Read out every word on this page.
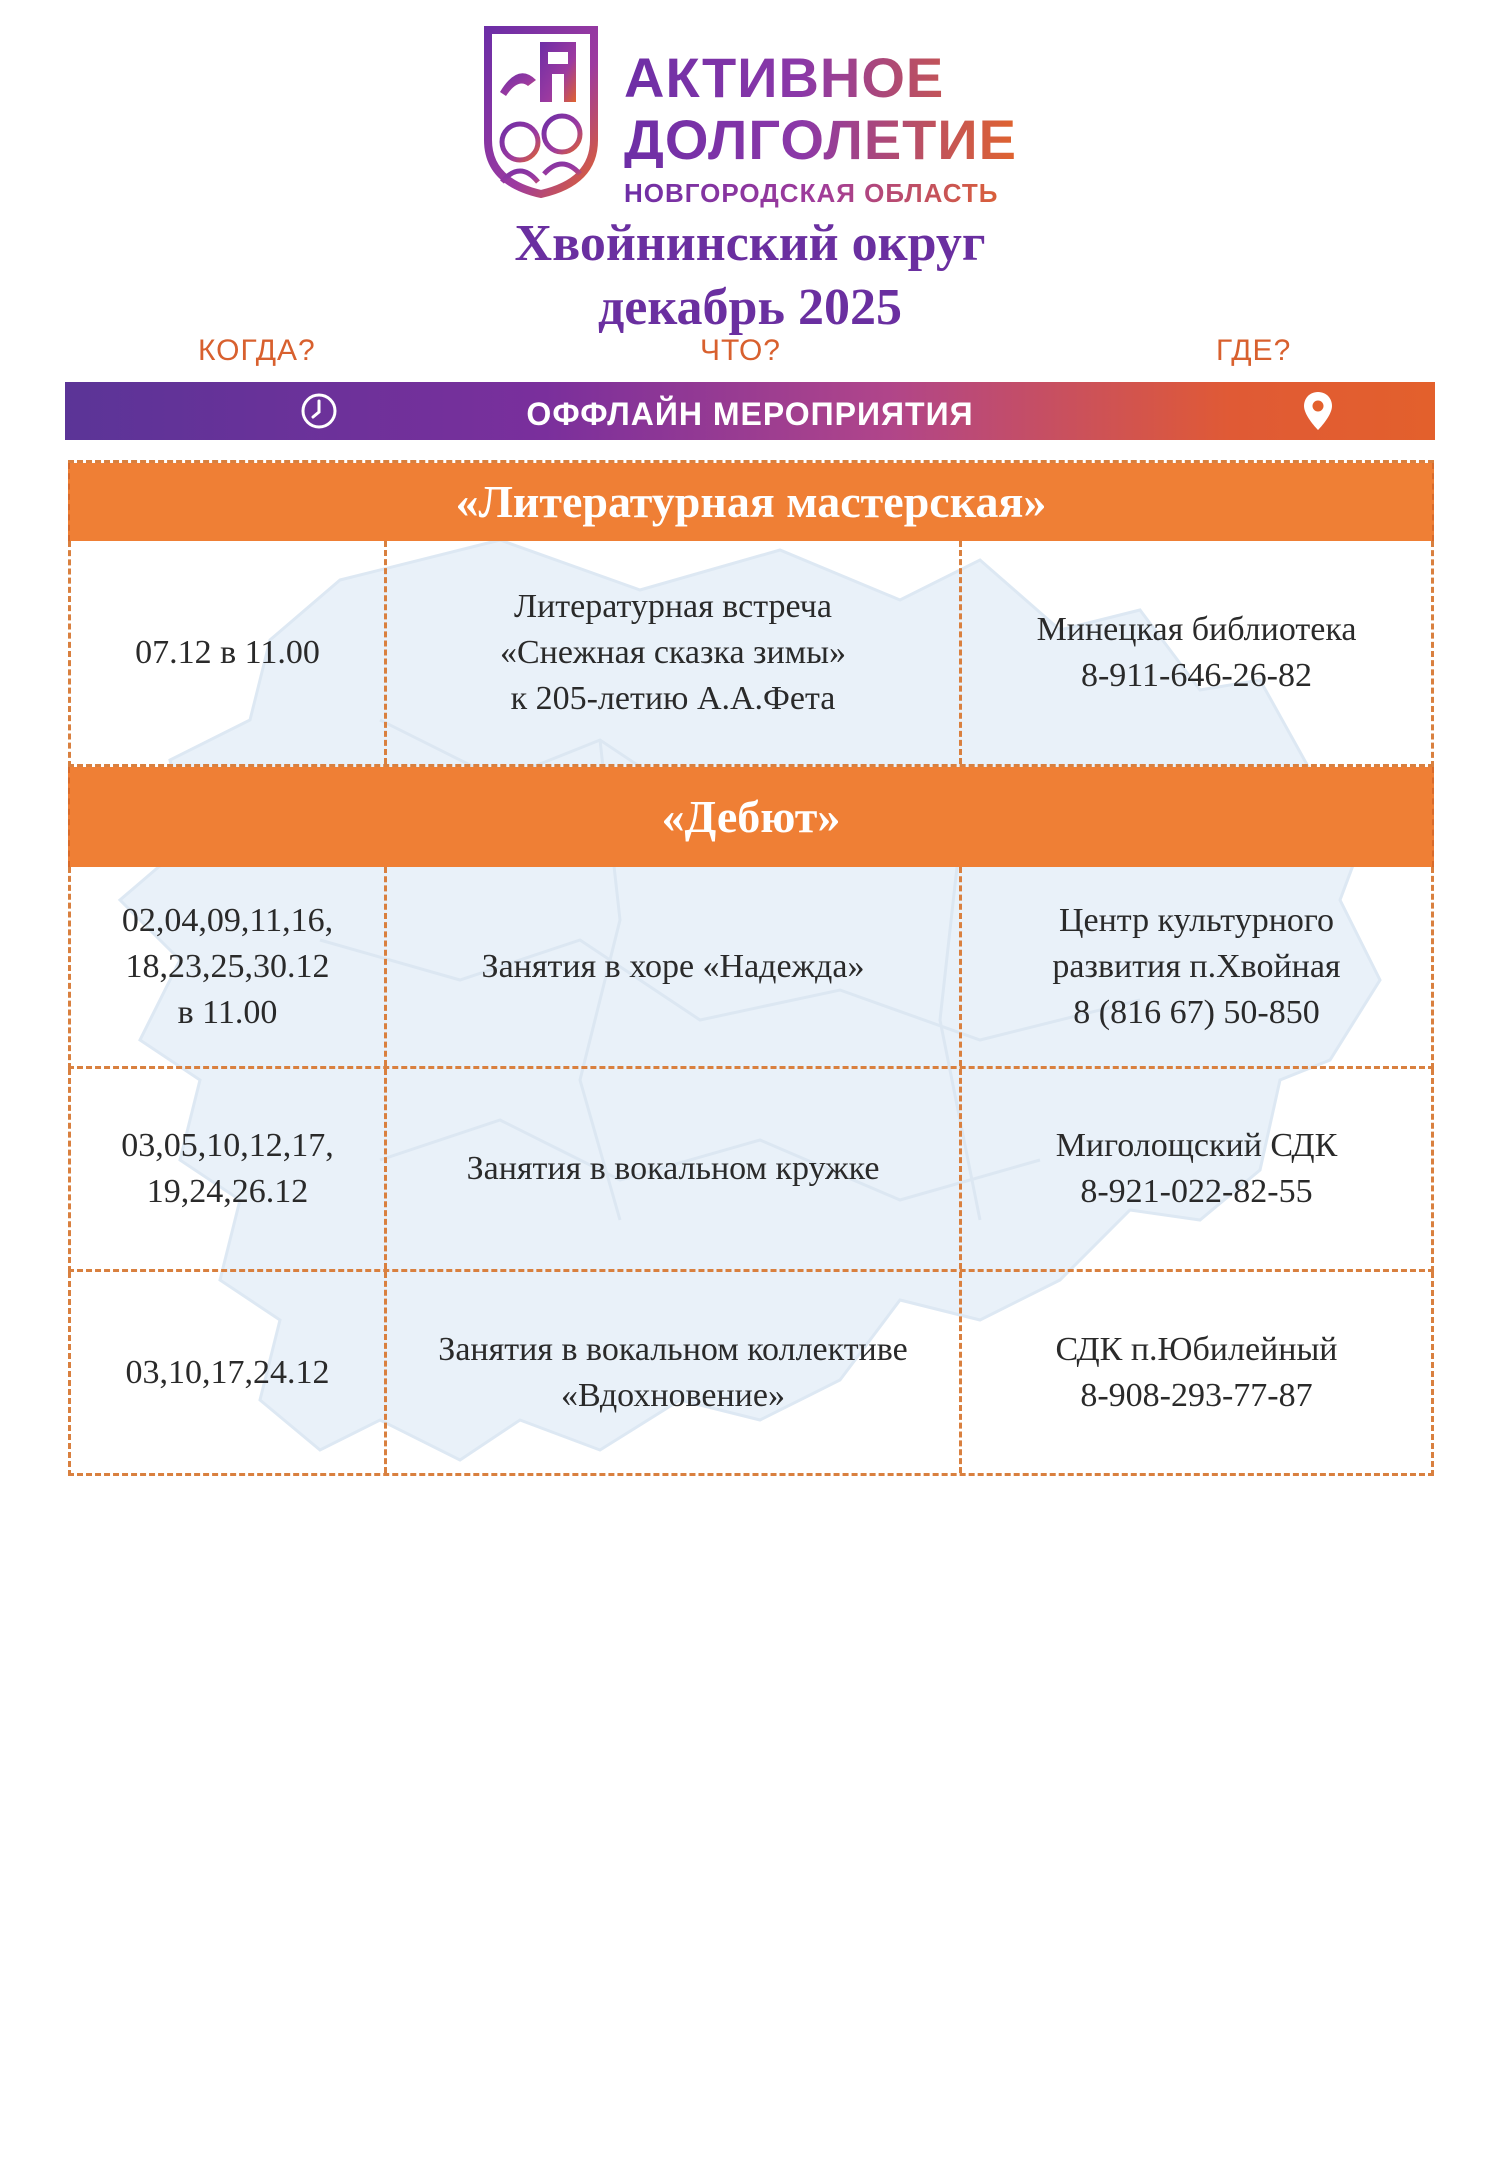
АКТИВНОЕ
ДОЛГОЛЕТИЕ
НОВГОРОДСКАЯ ОБЛАСТЬ
Хвойнинский округ
декабрь 2025
КОГДА?	ЧТО?	ГДЕ?
ОФФЛАЙН МЕРОПРИЯТИЯ
«Литературная мастерская»
07.12 в 11.00
Литературная встреча
«Снежная сказка зимы»
к 205-летию А.А.Фета
Минецкая библиотека
8-911-646-26-82
«Дебют»
02,04,09,11,16,
18,23,25,30.12
в 11.00
Занятия в хоре «Надежда»
Центр культурного
развития п.Хвойная
8 (816 67) 50-850
03,05,10,12,17,
19,24,26.12
Занятия в вокальном кружке
Миголощский СДК
8-921-022-82-55
03,10,17,24.12
Занятия в вокальном коллективе
«Вдохновение»
СДК п.Юбилейный
8-908-293-77-87
